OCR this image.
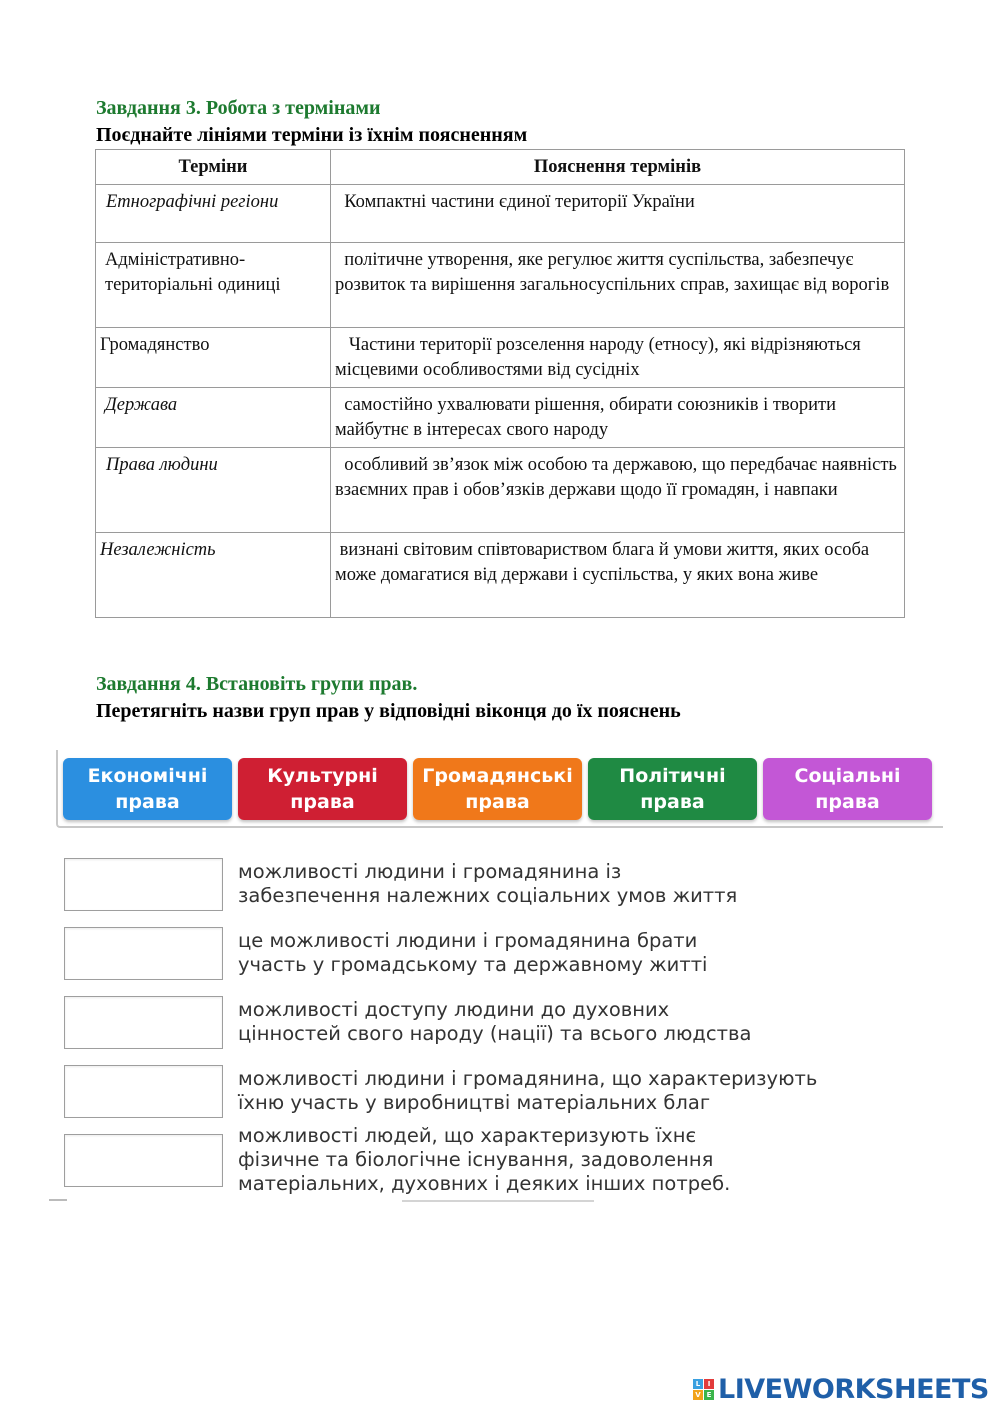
Завдання 3. Робота з термінами
Поєднайте лініями терміни із їхнім поясненням
Терміни	Пояснення термінів
Етнографічні регіони	Компактні частини єдиної території України

Адміністративно-територіальні одиниці	політичне утворення, яке регулює життя суспільства, забезпечує розвиток та вирішення загальносуспільних справ, захищає від ворогів
Громадянство	Частини території розселення народу (етносу), які відрізняються місцевими особливостями від сусідніх
Держава	самостійно ухвалювати рішення, обирати союзників і творити майбутнє в інтересах свого народу
Права людини	особливий зв’язок між особою та державою, що передбачає наявність взаємних прав і обов’язків держави щодо її громадян, і навпаки
Незалежність	визнані світовим співтовариством блага й умови життя, яких особа може домагатися від держави і суспільства, у яких вона живе
Завдання 4. Встановіть групи прав.
Перетягніть назви груп прав у відповідні віконця до їх пояснень
Економічні
права
Культурні
права
Громадянські
права
Політичні
права
Соціальні
права
можливості людини і громадянина із
забезпечення належних соціальних умов життя
це можливості людини і громадянина брати
участь у громадському та державному житті
можливості доступу людини до духовних
цінностей свого народу (нації) та всього людства
можливості людини і громадянина, що характеризують
їхню участь у виробництві матеріальних благ
можливості людей, що характеризують їхнє
фізичне та біологічне існування, задоволення
матеріальних, духовних і деяких інших потреб.
L	I
V E LIVEWORKSHEETS
